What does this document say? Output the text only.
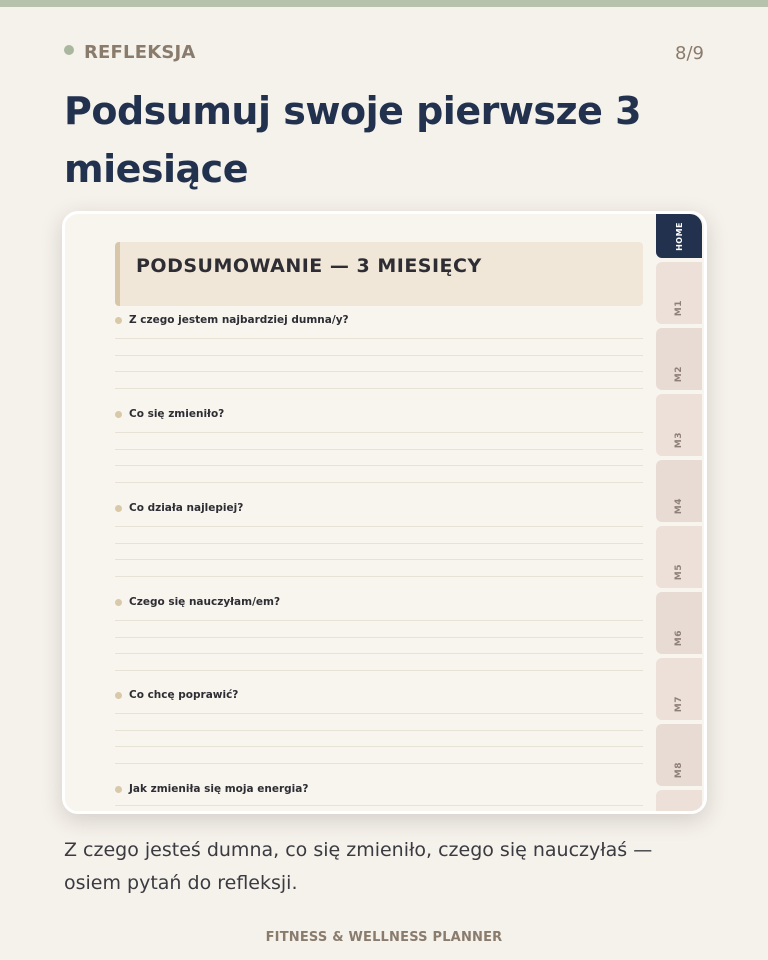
REFLEKSJA	8/9
Podsumuj swoje pierwsze 3 miesiące
PODSUMOWANIE — 3 MIESIĘCY
Z czego jestem najbardziej dumna/y?
Co się zmieniło?
Co działa najlepiej?
Czego się nauczyłam/em?
Co chcę poprawić?
Jak zmieniła się moja energia?
HOME
M1
M2
M3
M4
M5
M6
M7
M8
Z czego jesteś dumna, co się zmieniło, czego się nauczyłaś — osiem pytań do refleksji.
FITNESS & WELLNESS PLANNER
